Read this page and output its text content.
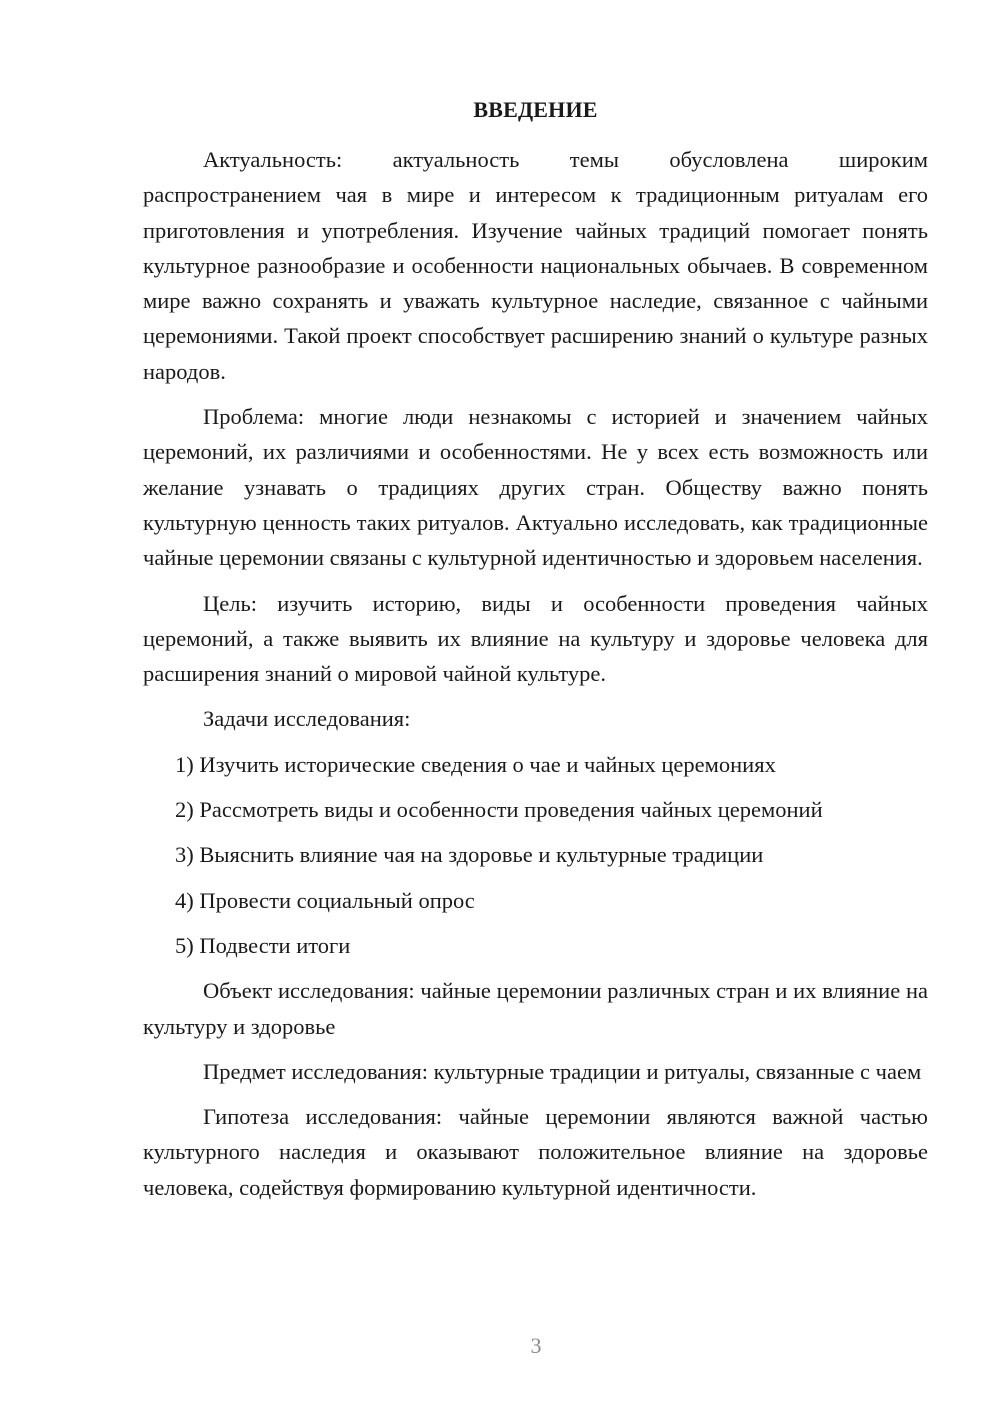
ВВЕДЕНИЕ

Актуальность: актуальность темы обусловлена широким распространением чая в мире и интересом к традиционным ритуалам его приготовления и употребления. Изучение чайных традиций помогает понять культурное разнообразие и особенности национальных обычаев. В современном мире важно сохранять и уважать культурное наследие, связанное с чайными церемониями. Такой проект способствует расширению знаний о культуре разных народов.

Проблема: многие люди незнакомы с историей и значением чайных церемоний, их различиями и особенностями. Не у всех есть возможность или желание узнавать о традициях других стран. Обществу важно понять культурную ценность таких ритуалов. Актуально исследовать, как традиционные чайные церемонии связаны с культурной идентичностью и здоровьем населения.

Цель: изучить историю, виды и особенности проведения чайных церемоний, а также выявить их влияние на культуру и здоровье человека для расширения знаний о мировой чайной культуре.

Задачи исследования:

1) Изучить исторические сведения о чае и чайных церемониях
2) Рассмотреть виды и особенности проведения чайных церемоний
3) Выяснить влияние чая на здоровье и культурные традиции
4) Провести социальный опрос
5) Подвести итоги

Объект исследования: чайные церемонии различных стран и их влияние на культуру и здоровье

Предмет исследования: культурные традиции и ритуалы, связанные с чаем

Гипотеза исследования: чайные церемонии являются важной частью культурного наследия и оказывают положительное влияние на здоровье человека, содействуя формированию культурной идентичности.

3
